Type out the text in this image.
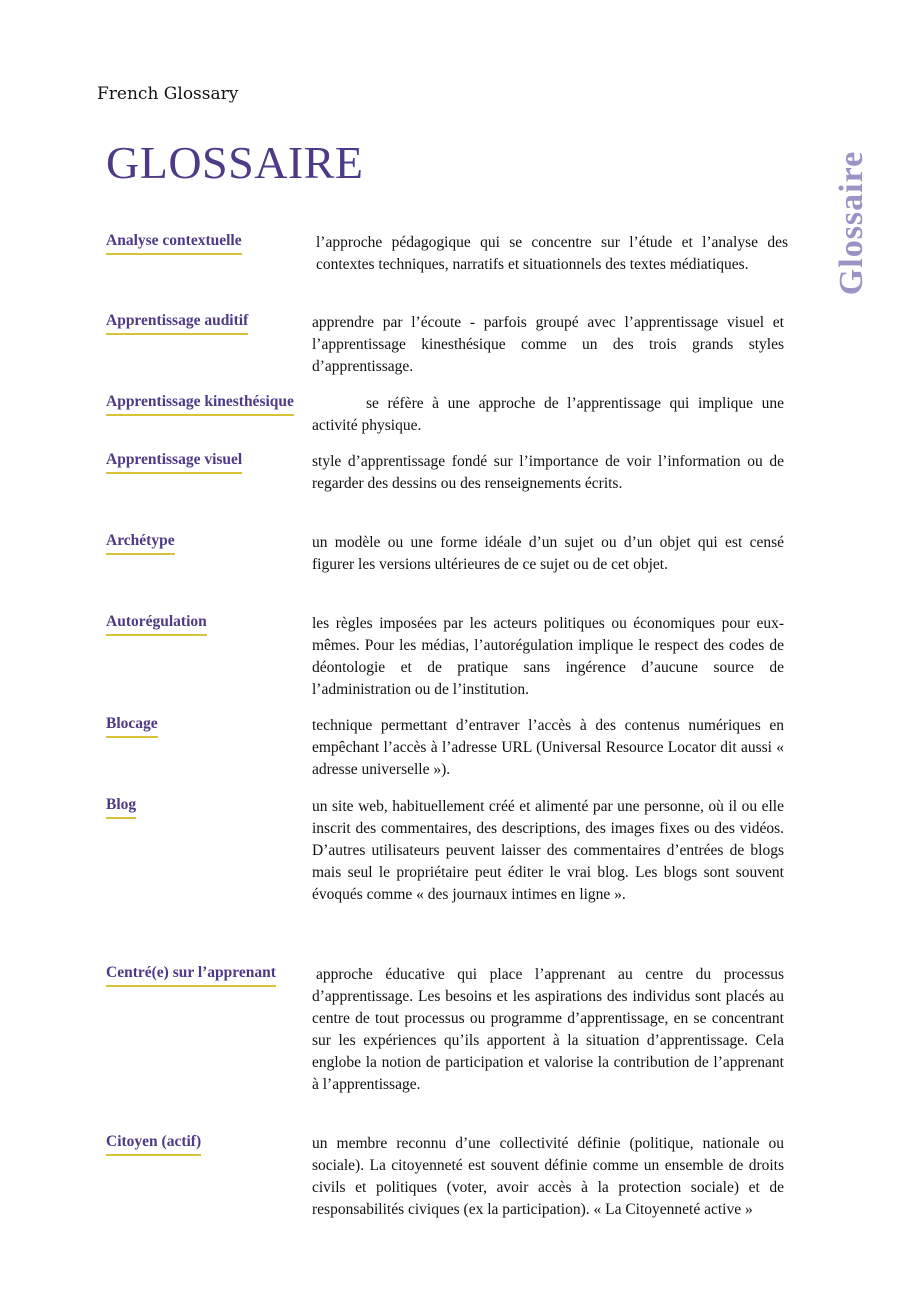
French Glossary
GLOSSAIRE	Glossaire
Analyse contextuelle	l’approche pédagogique qui se concentre sur l’étude et l’analyse des contextes techniques, narratifs et situationnels des textes médiatiques.
Apprentissage auditif	apprendre par l’écoute - parfois groupé avec l’apprentissage visuel et l’apprentissage kinesthésique comme un des trois grands styles d’apprentissage.
Apprentissage kinesthésique	se réfère à une approche de l’apprentissage qui implique une activité physique.
Apprentissage visuel	style d’apprentissage fondé sur l’importance de voir l’information ou de regarder des dessins ou des renseignements écrits.
Archétype	un modèle ou une forme idéale d’un sujet ou d’un objet qui est censé figurer les versions ultérieures de ce sujet ou de cet objet.
Autorégulation	les règles imposées par les acteurs politiques ou économiques pour eux-mêmes. Pour les médias, l’autorégulation implique le respect des codes de déontologie et de pratique sans ingérence d’aucune source de l’administration ou de l’institution.
Blocage	technique permettant d’entraver l’accès à des contenus numériques en empêchant l’accès à l’adresse URL (Universal Resource Locator dit aussi « adresse universelle »).
Blog	un site web, habituellement créé et alimenté par une personne, où il ou elle inscrit des commentaires, des descriptions, des images fixes ou des vidéos. D’autres utilisateurs peuvent laisser des commentaires d’entrées de blogs mais seul le propriétaire peut éditer le vrai blog. Les blogs sont souvent évoqués comme « des journaux intimes en ligne ».
Centré(e) sur l’apprenant	approche éducative qui place l’apprenant au centre du processus d’apprentissage. Les besoins et les aspirations des individus sont placés au centre de tout processus ou programme d’apprentissage, en se concentrant sur les expériences qu’ils apportent à la situation d’apprentissage. Cela englobe la notion de participation et valorise la contribution de l’apprenant à l’apprentissage.
Citoyen (actif)	un membre reconnu d’une collectivité définie (politique, nationale ou sociale). La citoyenneté est souvent définie comme un ensemble de droits civils et politiques (voter, avoir accès à la protection sociale) et de responsabilités civiques (ex la participation). « La Citoyenneté active »
